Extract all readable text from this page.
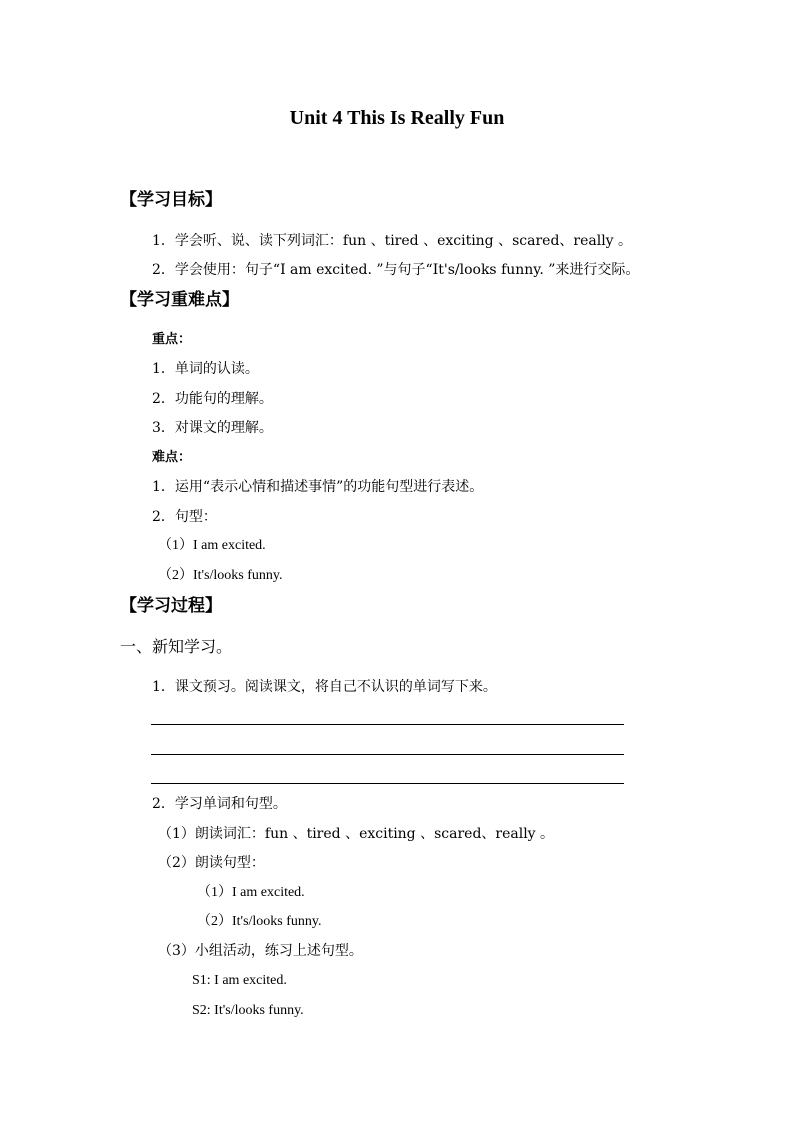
Unit 4 This Is Really Fun
【学习目标】
1．学会听、说、读下列词汇：fun 、tired 、exciting 、scared、really 。
2．学会使用：句子“I am excited. ”与句子“It's/looks funny. ”来进行交际。
【学习重难点】
重点：
1．单词的认读。
2．功能句的理解。
3．对课文的理解。
难点：
1．运用“表示心情和描述事情”的功能句型进行表述。
2．句型：
（1）I am excited.
（2）It's/looks funny.
【学习过程】
一、新知学习。
1．课文预习。阅读课文，将自己不认识的单词写下来。
2．学习单词和句型。
（1）朗读词汇：fun 、tired 、exciting 、scared、really 。
（2）朗读句型：
（1）I am excited.
（2）It's/looks funny.
（3）小组活动，练习上述句型。
S1: I am excited.
S2: It's/looks funny.
